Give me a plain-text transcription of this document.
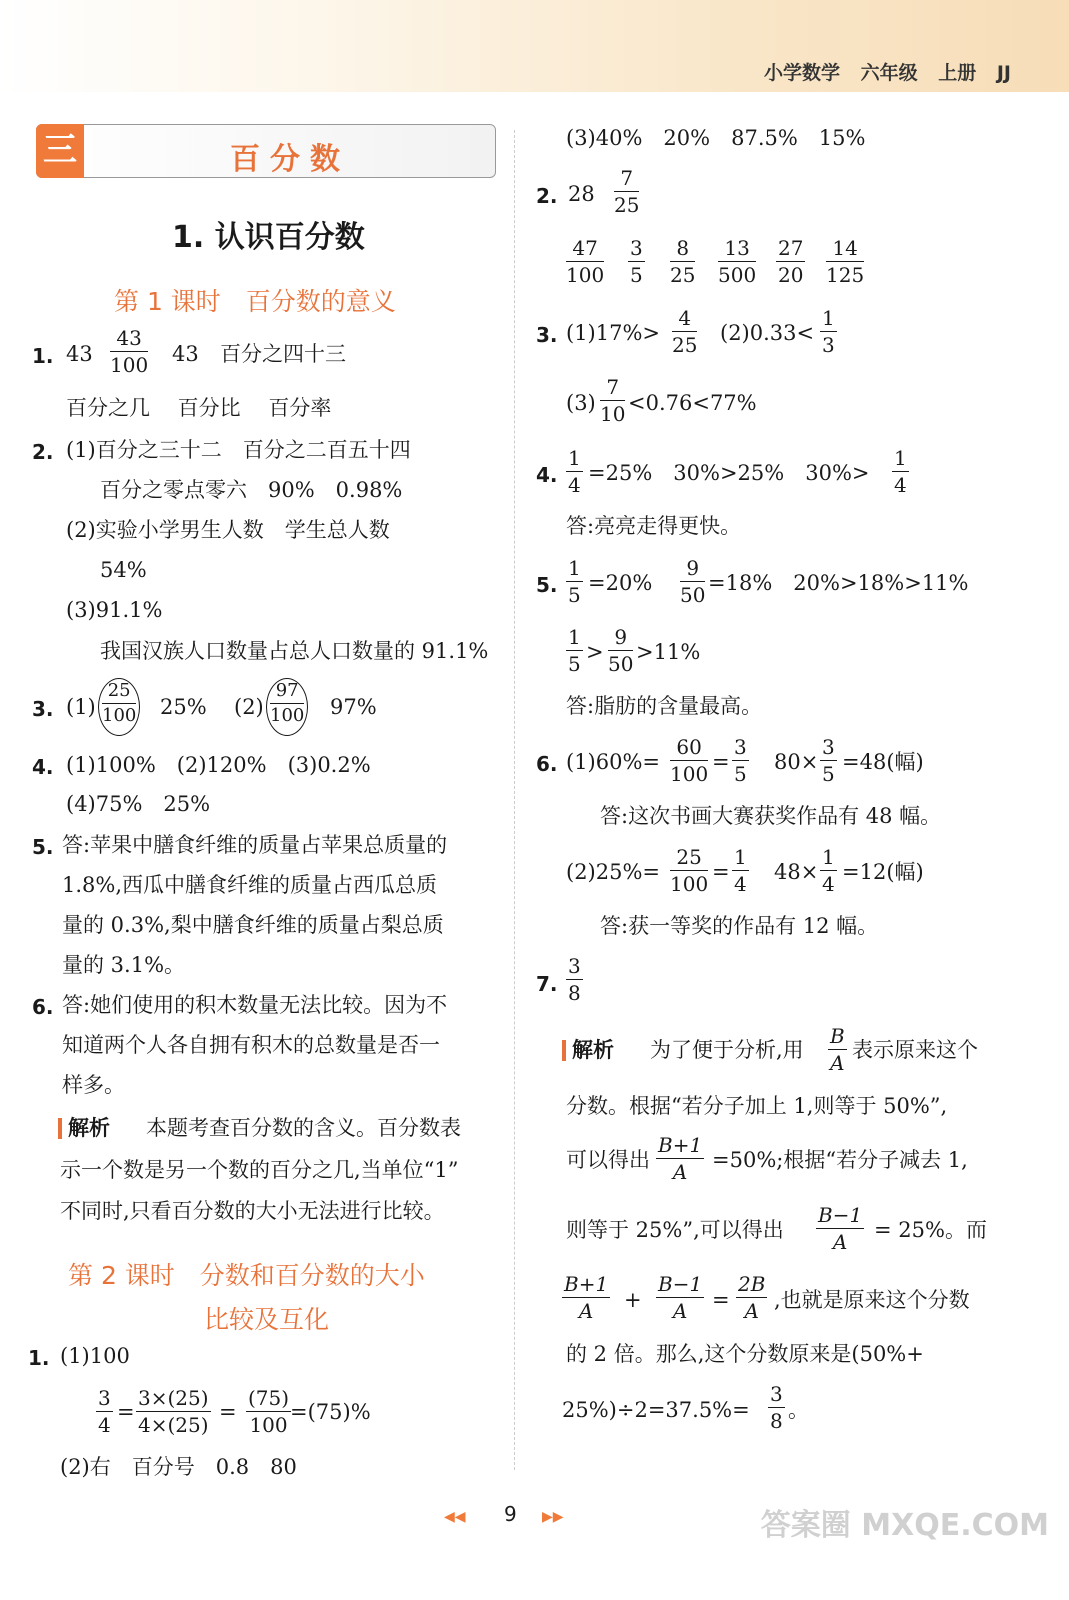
小学数学 六年级 上册 JJ
三	百分数
1. 认识百分数
第 1 课时　百分数的意义
1. $43 \frac{43}{100} 43$ 百分之四十三
百分之几　 百分比　 百分率
2. (1)百分之三十二　百分之二百五十四
百分之零点零六　90%　0.98%
(2)实验小学男生人数　学生总人数
54%
(3)91.1%
我国汉族人口数量占总人口数量的 91.1%
3. $(1) \frac{25}{100} 25\%$ $(2) \frac{97}{100} 97\%$
4. (1)100%　(2)120%　(3)0.2%
(4)75%　25%
5. 答:苹果中膳食纤维的质量占苹果总质量的
1.8%,西瓜中膳食纤维的质量占西瓜总质
量的 0.3%,梨中膳食纤维的质量占梨总质
量的 3.1%。
6. 答:她们使用的积木数量无法比较。因为不
知道两个人各自拥有积木的总数量是否一
样多。
解析 本题考查百分数的含义。百分数表
示一个数是另一个数的百分之几,当单位“1”
不同时,只看百分数的大小无法进行比较。
第 2 课时　分数和百分数的大小
比较及互化
1. (1)100
$\frac{3}{4} = \frac{3\times(25)}{4\times(25)} = \frac{(75)}{100}$
=(75)%
(2)右　百分号　0.8　80
(3)40%　20%　87.5%　15%
2. $28 \frac{7}{25}$
$\frac{47}{100} \frac{3}{5} \frac{8}{25} \frac{13}{500} \frac{27}{20} \frac{14}{125}$
3. $(1)17\%> \frac{4}{25} (2)0.33< \frac{1}{3}$
$(3) \frac{7}{10} <0.76<77\%$
4. $\frac{1}{4} =25\%$　30%>25%　$30\%> \frac{1}{4}$
答:亮亮走得更快。
5. $\frac{1}{5} =20\% \frac{9}{50} =18\%$　20%>18%>11%
$\frac{1}{5} > \frac{9}{50} >11\%$
答:脂肪的含量最高。
6. $(1)60\%= \frac{60}{100} = \frac{3}{5} 80\times \frac{3}{5} =48$(幅)
答:这次书画大赛获奖作品有 48 幅。
$(2)25\%= \frac{25}{100} = \frac{1}{4} 48\times \frac{1}{4} =12$(幅)
答:获一等奖的作品有 12 幅。
7. $\frac{3}{8}$
解析 为了便于分析,用 $\frac{B}{A}$ 表示原来这个
分数。根据“若分子加上 1,则等于 50%”,
可以得出 $\frac{B+1}{A} =50\%$;根据“若分子减去 1,
则等于 25%”,可以得出 $\frac{B-1}{A} = 25\%$。而
$\frac{B+1}{A} + \frac{B-1}{A} = \frac{2B}{A}$ ,也就是原来这个分数
的 2 倍。那么,这个分数原来是(50%+
$25\%)\div 2=37.5\%= \frac{3}{8}$ 。
◀◀ 9 ▶▶	答案圈 MXQE.COM
